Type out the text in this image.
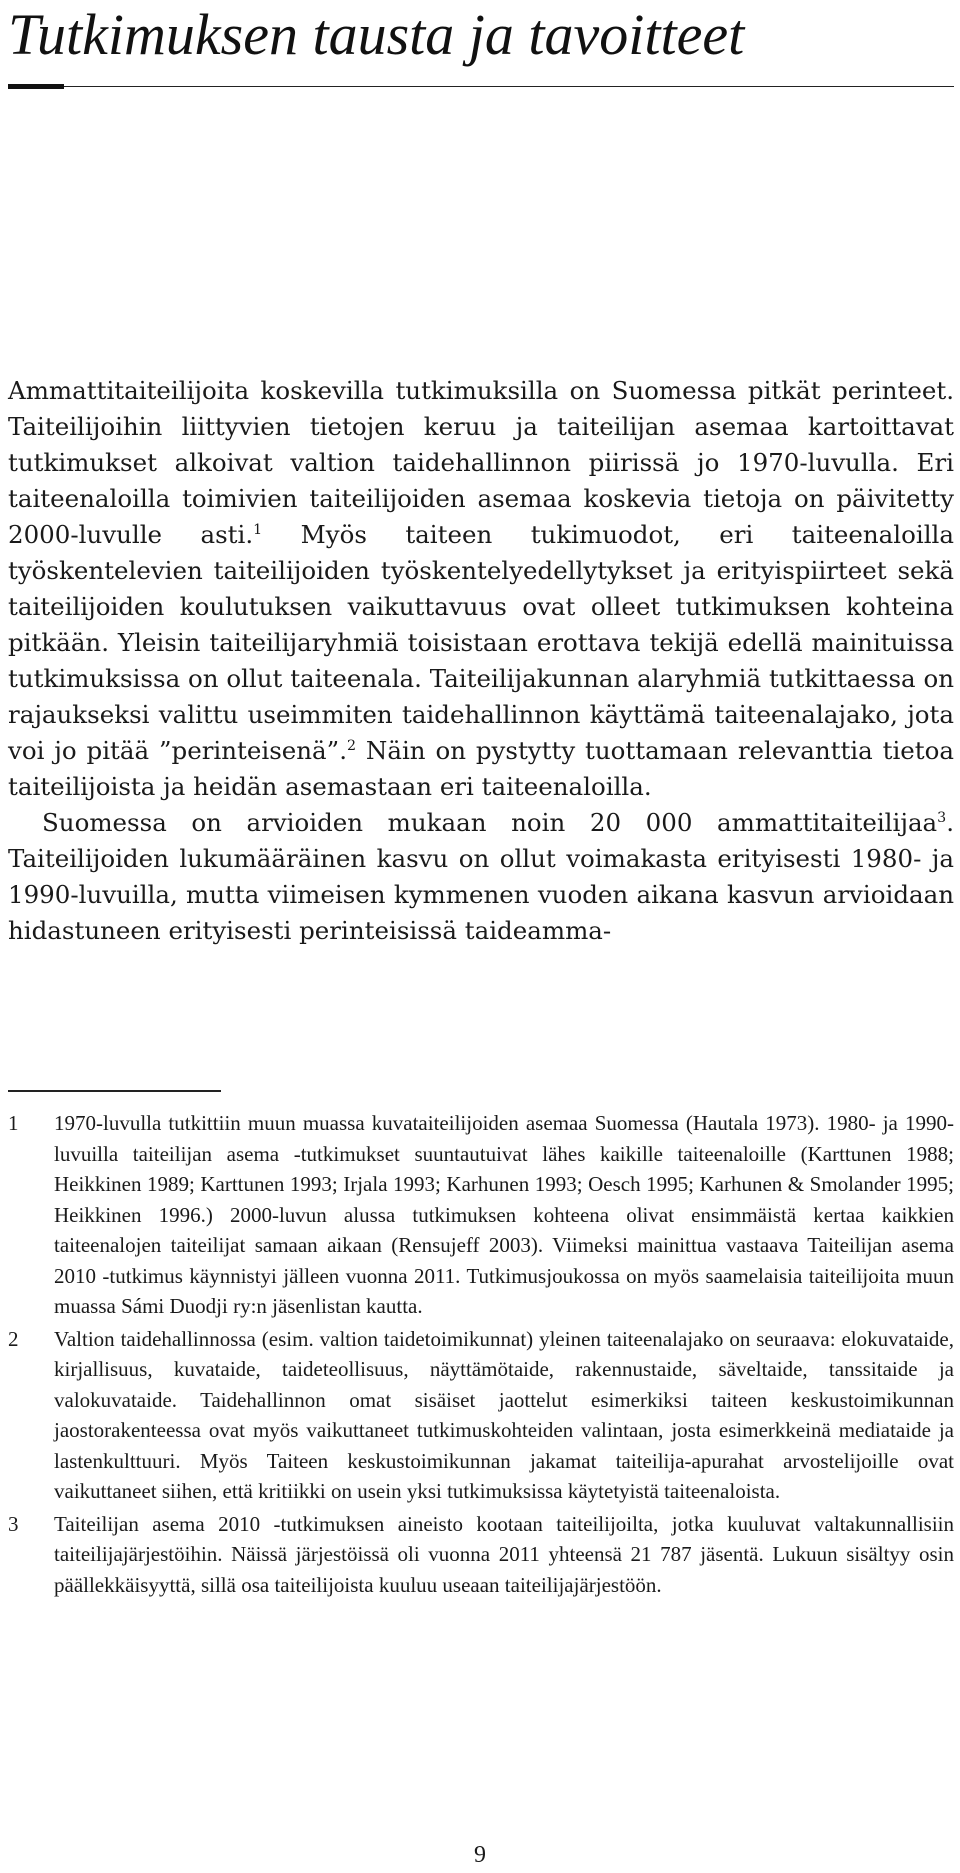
Tutkimuksen tausta ja tavoitteet

Ammattitaiteilijoita koskevilla tutkimuksilla on Suomessa pitkät perinteet. Taiteilijoihin liittyvien tietojen keruu ja taiteilijan asemaa kartoittavat tutkimukset alkoivat valtion taidehallinnon piirissä jo 1970-luvulla. Eri taiteenaloilla toimivien taiteilijoiden asemaa koskevia tietoja on päivitetty 2000-luvulle asti.$^1$ Myös taiteen tukimuodot, eri taiteenaloilla työskentelevien taiteilijoiden työskentelyedellytykset ja erityispiirteet sekä taiteilijoiden koulutuksen vaikuttavuus ovat olleet tutkimuksen kohteina pitkään. Yleisin taiteilijaryhmiä toisistaan erottava tekijä edellä mainituissa tutkimuksissa on ollut taiteenala. Taiteilijakunnan alaryhmiä tutkittaessa on rajaukseksi valittu useimmiten taidehallinnon käyttämä taiteenalajako, jota voi jo pitää ”perinteisenä”.$^2$ Näin on pystytty tuottamaan relevanttia tietoa taiteilijoista ja heidän asemastaan eri taiteenaloilla.

Suomessa on arvioiden mukaan noin 20 000 ammattitaiteilijaa$^3$. Taiteilijoiden lukumääräinen kasvu on ollut voimakasta erityisesti 1980- ja 1990-luvuilla, mutta viimeisen kymmenen vuoden aikana kasvun arvioidaan hidastuneen erityisesti perinteisissä taideamma-

1 1970-luvulla tutkittiin muun muassa kuvataiteilijoiden asemaa Suomessa (Hautala 1973). 1980- ja 1990-luvuilla taiteilijan asema -tutkimukset suuntautuivat lähes kaikille taiteenaloille (Karttunen 1988; Heikkinen 1989; Karttunen 1993; Irjala 1993; Karhunen 1993; Oesch 1995; Karhunen & Smolander 1995; Heikkinen 1996.) 2000-luvun alussa tutkimuksen kohteena olivat ensimmäistä kertaa kaikkien taiteenalojen taiteilijat samaan aikaan (Rensujeff 2003). Viimeksi mainittua vastaava Taiteilijan asema 2010 -tutkimus käynnistyi jälleen vuonna 2011. Tutkimusjoukossa on myös saamelaisia taiteilijoita muun muassa Sámi Duodji ry:n jäsenlistan kautta.
2 Valtion taidehallinnossa (esim. valtion taidetoimikunnat) yleinen taiteenalajako on seuraava: elokuvataide, kirjallisuus, kuvataide, taideteollisuus, näyttämötaide, rakennustaide, säveltaide, tanssitaide ja valokuvataide. Taidehallinnon omat sisäiset jaottelut esimerkiksi taiteen keskustoimikunnan jaostorakenteessa ovat myös vaikuttaneet tutkimuskohteiden valintaan, josta esimerkkeinä mediataide ja lastenkulttuuri. Myös Taiteen keskustoimikunnan jakamat taiteilija-apurahat arvostelijoille ovat vaikuttaneet siihen, että kritiikki on usein yksi tutkimuksissa käytetyistä taiteenaloista.
3 Taiteilijan asema 2010 -tutkimuksen aineisto kootaan taiteilijoilta, jotka kuuluvat valtakunnallisiin taiteilijajärjestöihin. Näissä järjestöissä oli vuonna 2011 yhteensä 21 787 jäsentä. Lukuun sisältyy osin päällekkäisyyttä, sillä osa taiteilijoista kuuluu useaan taiteilijajärjestöön.
9
